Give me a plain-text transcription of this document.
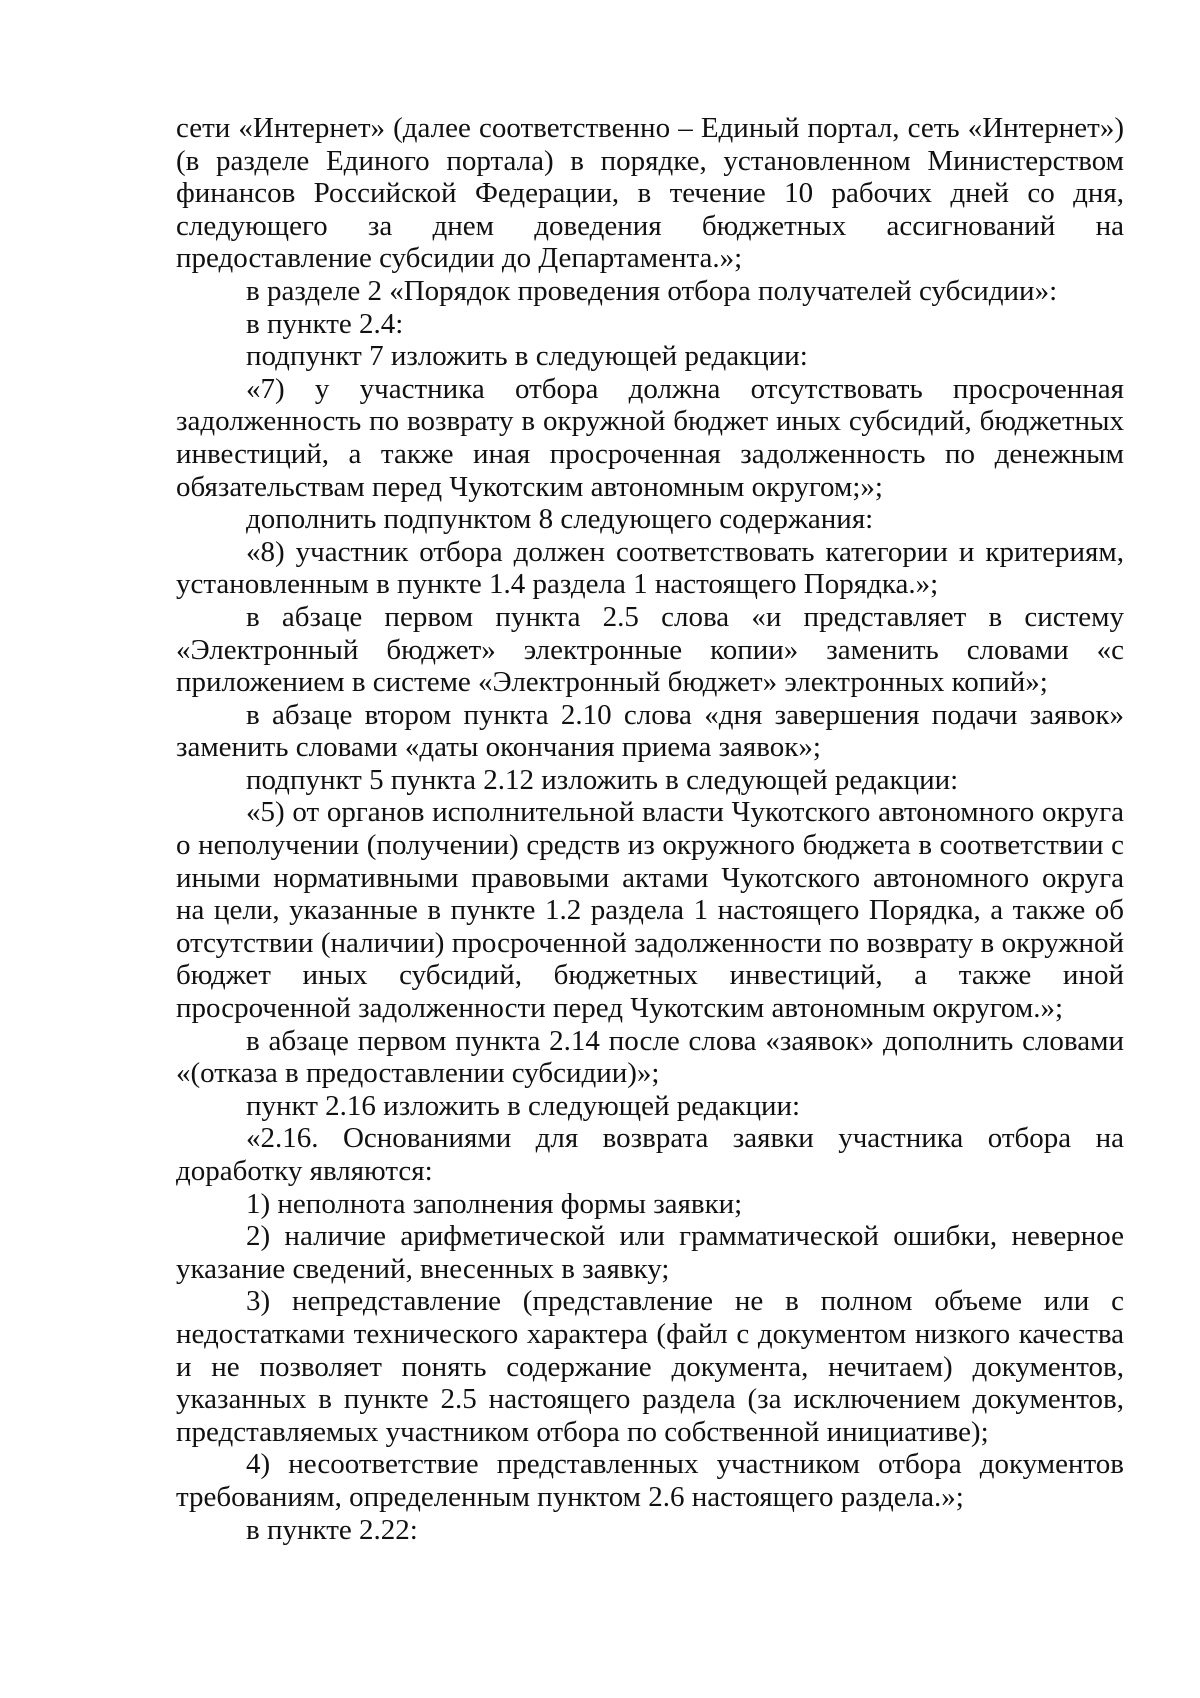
сети «Интернет» (далее соответственно – Единый портал, сеть «Интернет») (в разделе Единого портала) в порядке, установленном Министерством финансов Российской Федерации, в течение 10 рабочих дней со дня, следующего за днем доведения бюджетных ассигнований на предоставление субсидии до Департамента.»;

в разделе 2 «Порядок проведения отбора получателей субсидии»:

в пункте 2.4:

подпункт 7 изложить в следующей редакции:

«7) у участника отбора должна отсутствовать просроченная задолженность по возврату в окружной бюджет иных субсидий, бюджетных инвестиций, а также иная просроченная задолженность по денежным обязательствам перед Чукотским автономным округом;»;

дополнить подпунктом 8 следующего содержания:

«8) участник отбора должен соответствовать категории и критериям, установленным в пункте 1.4 раздела 1 настоящего Порядка.»;

в абзаце первом пункта 2.5 слова «и представляет в систему «Электронный бюджет» электронные копии» заменить словами «с приложением в системе «Электронный бюджет» электронных копий»;

в абзаце втором пункта 2.10 слова «дня завершения подачи заявок» заменить словами «даты окончания приема заявок»;

подпункт 5 пункта 2.12 изложить в следующей редакции:

«5) от органов исполнительной власти Чукотского автономного округа о неполучении (получении) средств из окружного бюджета в соответствии с иными нормативными правовыми актами Чукотского автономного округа на цели, указанные в пункте 1.2 раздела 1 настоящего Порядка, а также об отсутствии (наличии) просроченной задолженности по возврату в окружной бюджет иных субсидий, бюджетных инвестиций, а также иной просроченной задолженности перед Чукотским автономным округом.»;

в абзаце первом пункта 2.14 после слова «заявок» дополнить словами «(отказа в предоставлении субсидии)»;

пункт 2.16 изложить в следующей редакции:

«2.16. Основаниями для возврата заявки участника отбора на доработку являются:

1) неполнота заполнения формы заявки;

2) наличие арифметической или грамматической ошибки, неверное указание сведений, внесенных в заявку;

3) непредставление (представление не в полном объеме или с недостатками технического характера (файл с документом низкого качества и не позволяет понять содержание документа, нечитаем) документов, указанных в пункте 2.5 настоящего раздела (за исключением документов, представляемых участником отбора по собственной инициативе);

4) несоответствие представленных участником отбора документов требованиям, определенным пунктом 2.6 настоящего раздела.»;

в пункте 2.22:
